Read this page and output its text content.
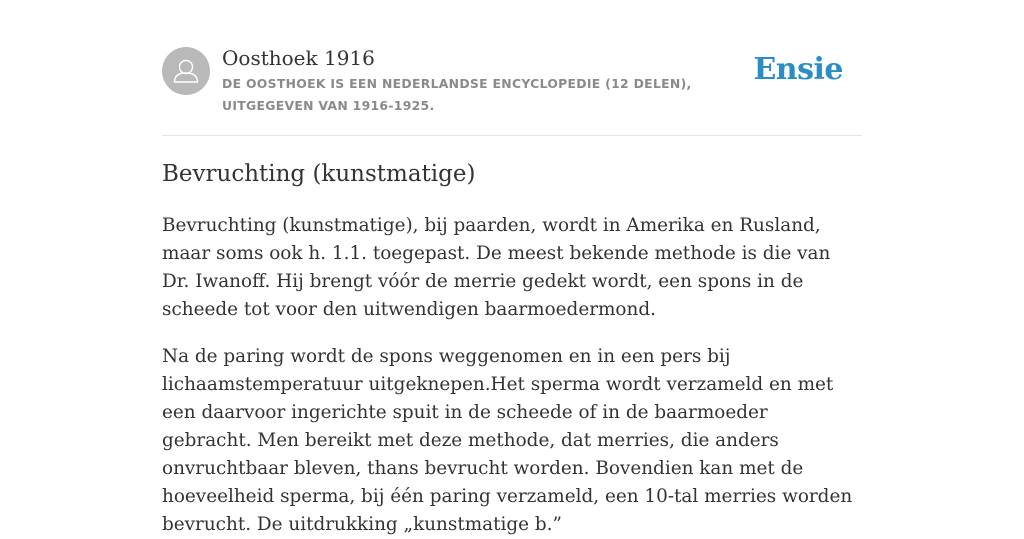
Oosthoek 1916
DE OOSTHOEK IS EEN NEDERLANDSE ENCYCLOPEDIE (12 DELEN), UITGEGEVEN VAN 1916-1925.
Ensie
Bevruchting (kunstmatige)

Bevruchting (kunstmatige), bij paarden, wordt in Amerika en Rusland, maar soms ook h. 1.1. toegepast. De meest bekende methode is die van Dr. Iwanoff. Hij brengt vóór de merrie gedekt wordt, een spons in de scheede tot voor den uitwendigen baarmoedermond.

Na de paring wordt de spons weggenomen en in een pers bij lichaamstemperatuur uitgeknepen.Het sperma wordt verzameld en met een daarvoor ingerichte spuit in de scheede of in de baarmoeder gebracht. Men bereikt met deze methode, dat merries, die anders onvruchtbaar bleven, thans bevrucht worden. Bovendien kan met de hoeveelheid sperma, bij één paring verzameld, een 10-tal merries worden bevrucht. De uitdrukking „kunstmatige b.”
